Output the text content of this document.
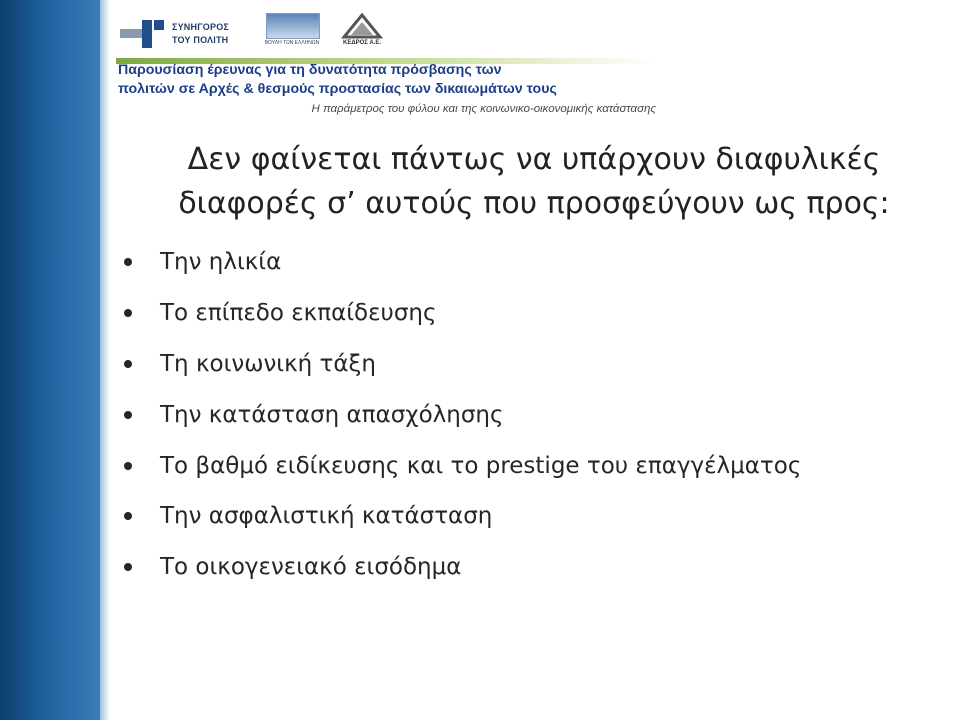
ΣΥΝΗΓΟΡΟΣ
ΤΟΥ ΠΟΛΙΤΗ	ΒΟΥΛΗ ΤΩΝ ΕΛΛΗΝΩΝ	ΚΕΔΡΟΣ Α.Ε.
Παρουσίαση έρευνας για τη δυνατότητα πρόσβασης των
πολιτών σε Αρχές & θεσμούς προστασίας των δικαιωμάτων τους
Η παράμετρος του φύλου και της κοινωνικο-οικονομικής κατάστασης
Δεν φαίνεται πάντως να υπάρχουν διαφυλικές
διαφορές σ’ αυτούς που προσφεύγουν ως προς:
Την ηλικία
Το επίπεδο εκπαίδευσης
Τη κοινωνική τάξη
Την κατάσταση απασχόλησης
Το βαθμό ειδίκευσης και το prestige του επαγγέλματος
Την ασφαλιστική κατάσταση
Το οικογενειακό εισόδημα
